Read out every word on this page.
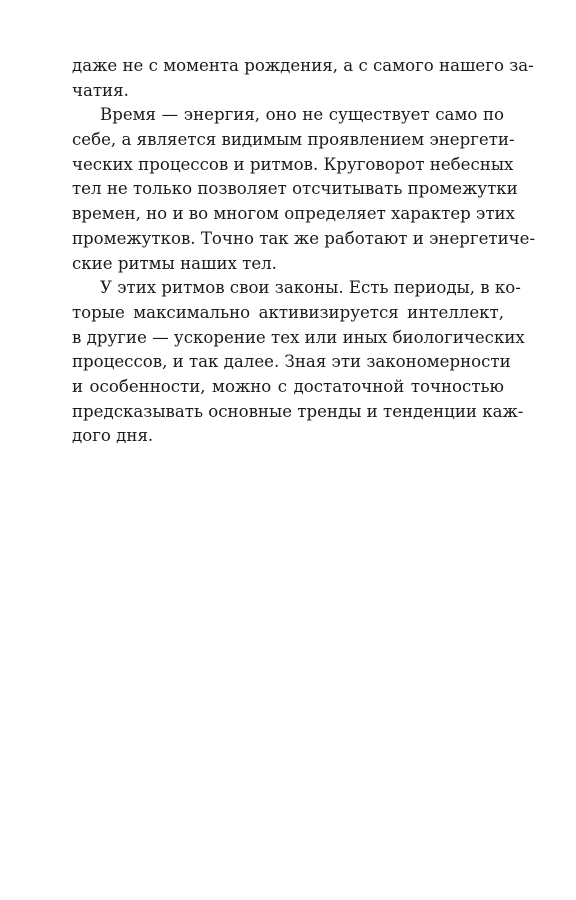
даже не с момента рождения, а с самого нашего за-
чатия.

Время — энергия, оно не существует само по
себе, а является видимым проявлением энергети-
ческих процессов и ритмов. Круговорот небесных
тел не только позволяет отсчитывать промежутки
времен, но и во многом определяет характер этих
промежутков. Точно так же работают и энергетиче-
ские ритмы наших тел.

У этих ритмов свои законы. Есть периоды, в ко-
торые максимально активизируется интеллект,
в другие — ускорение тех или иных биологических
процессов, и так далее. Зная эти закономерности
и особенности, можно с достаточной точностью
предсказывать основные тренды и тенденции каж-
дого дня.
